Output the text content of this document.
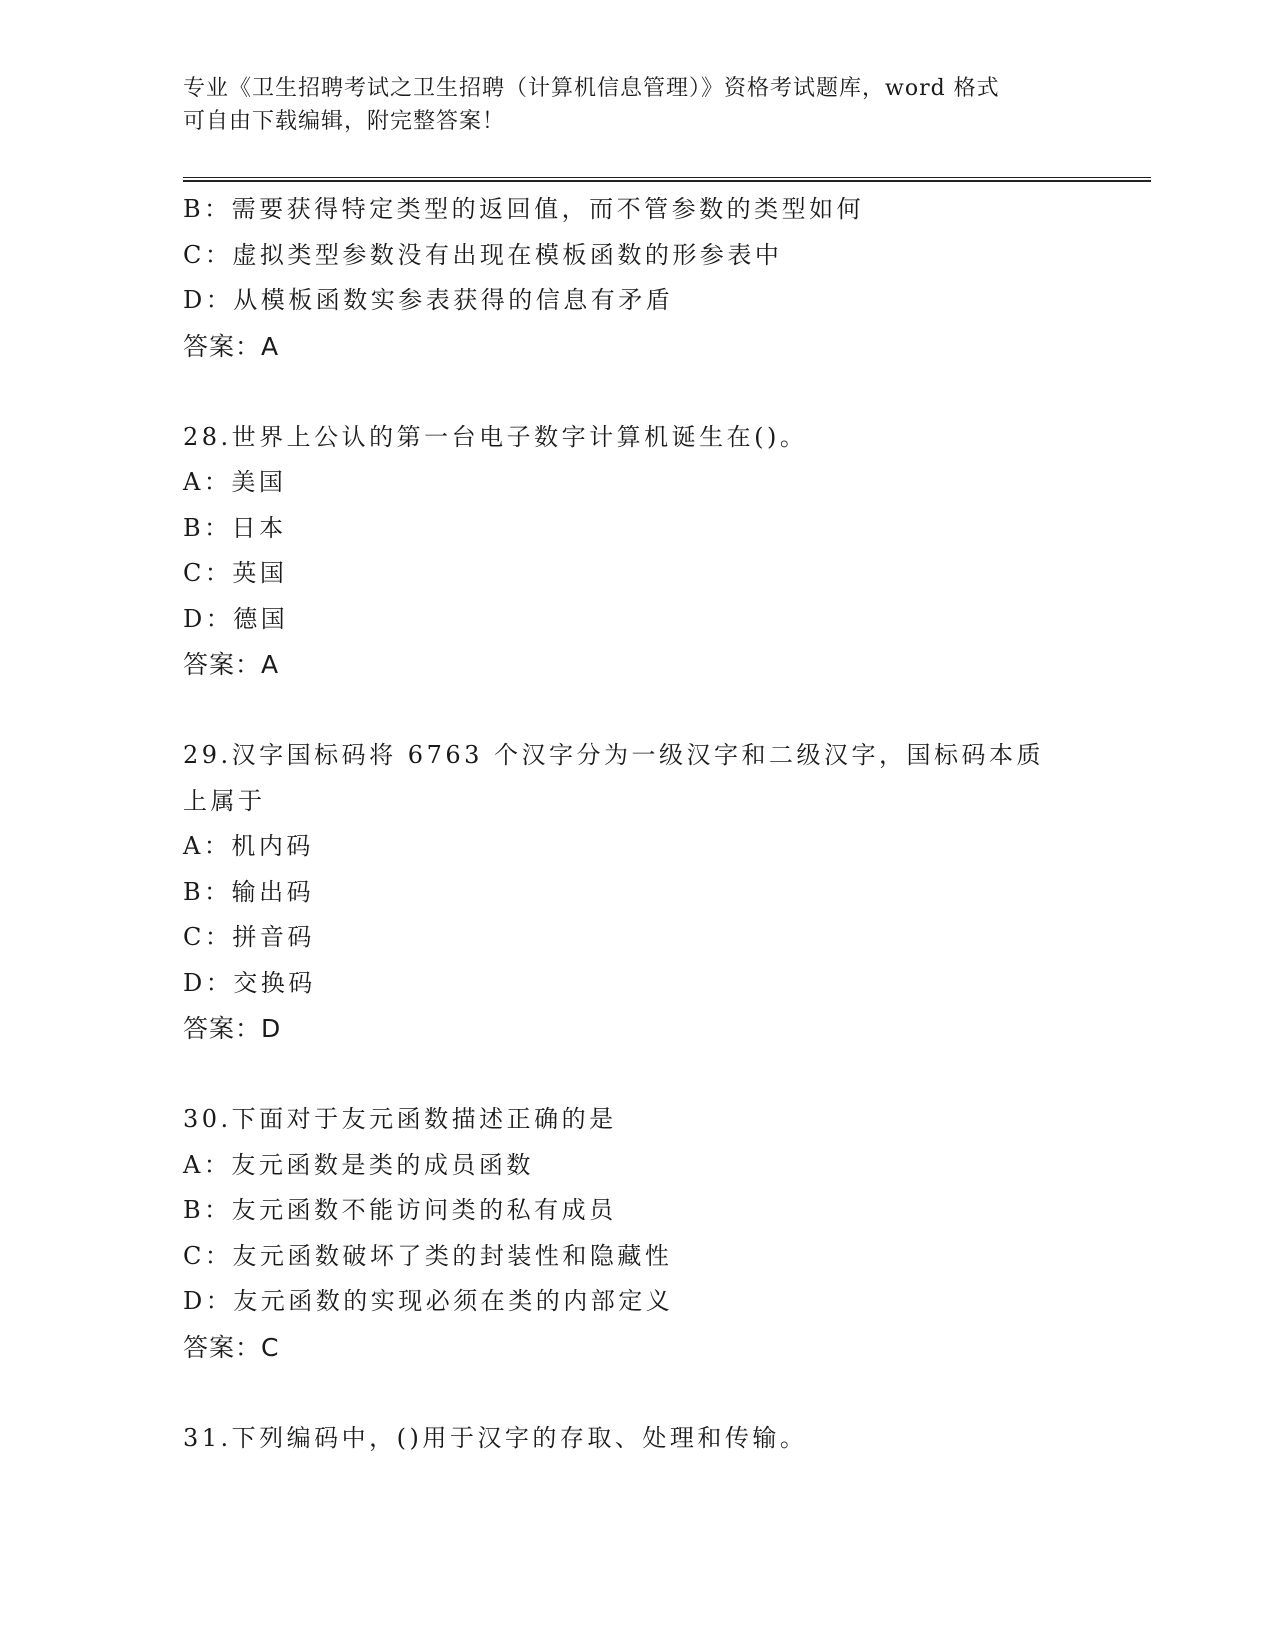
专业《卫生招聘考试之卫生招聘（计算机信息管理）》资格考试题库，word 格式
可自由下载编辑，附完整答案！
B：需要获得特定类型的返回值，而不管参数的类型如何
C：虚拟类型参数没有出现在模板函数的形参表中
D：从模板函数实参表获得的信息有矛盾
答案：A
28.世界上公认的第一台电子数字计算机诞生在()。
A：美国
B：日本
C：英国
D：德国
答案：A
29.汉字国标码将 6763 个汉字分为一级汉字和二级汉字，国标码本质
上属于
A：机内码
B：输出码
C：拼音码
D：交换码
答案：D
30.下面对于友元函数描述正确的是
A：友元函数是类的成员函数
B：友元函数不能访问类的私有成员
C：友元函数破坏了类的封装性和隐藏性
D：友元函数的实现必须在类的内部定义
答案：C
31.下列编码中，()用于汉字的存取、处理和传输。
